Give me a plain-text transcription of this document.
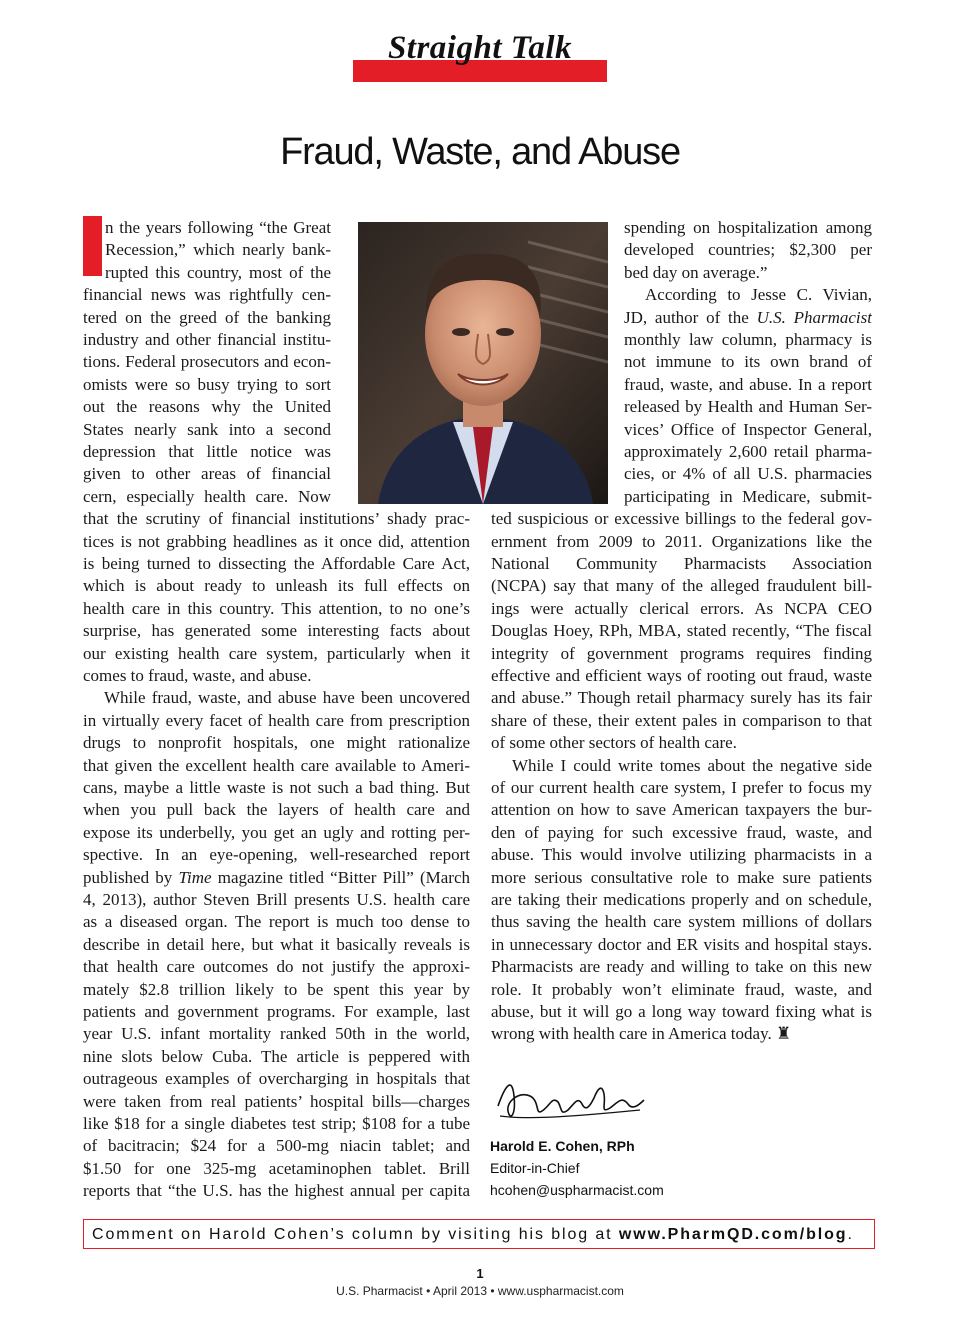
Straight Talk
Fraud, Waste, and Abuse
Harold E. Cohen, RPh
Editor-in-Chief
hcohen@uspharmacist.com
Comment on Harold Cohen’s column by visiting his blog at www.PharmQD.com/blog.
1
U.S. Pharmacist • April 2013 • www.uspharmacist.com
n the years following “the Great
Recession,” which nearly bank-
rupted this country, most of the
financial news was rightfully cen-
tered on the greed of the banking
industry and other financial institu-
tions. Federal prosecutors and econ-
omists were so busy trying to sort
out the reasons why the United
States nearly sank into a second
depression that little notice was
given to other areas of financial
cern, especially health care. Now
that the scrutiny of financial institutions’ shady prac-
tices is not grabbing headlines as it once did, attention
is being turned to dissecting the Affordable Care Act,
which is about ready to unleash its full effects on
health care in this country. This attention, to no one’s
surprise, has generated some interesting facts about
our existing health care system, particularly when it
comes to fraud, waste, and abuse.
While fraud, waste, and abuse have been uncovered
in virtually every facet of health care from prescription
drugs to nonprofit hospitals, one might rationalize
that given the excellent health care available to Ameri-
cans, maybe a little waste is not such a bad thing. But
when you pull back the layers of health care and
expose its underbelly, you get an ugly and rotting per-
spective. In an eye-opening, well-researched report
published by Time magazine titled “Bitter Pill” (March
4, 2013), author Steven Brill presents U.S. health care
as a diseased organ. The report is much too dense to
describe in detail here, but what it basically reveals is
that health care outcomes do not justify the approxi-
mately $2.8 trillion likely to be spent this year by
patients and government programs. For example, last
year U.S. infant mortality ranked 50th in the world,
nine slots below Cuba. The article is peppered with
outrageous examples of overcharging in hospitals that
were taken from real patients’ hospital bills—charges
like $18 for a single diabetes test strip; $108 for a tube
of bacitracin; $24 for a 500-mg niacin tablet; and
$1.50 for one 325-mg acetaminophen tablet. Brill
reports that “the U.S. has the highest annual per capita
spending on hospitalization among
developed countries; $2,300 per
bed day on average.”
According to Jesse C. Vivian,
JD, author of the U.S. Pharmacist
monthly law column, pharmacy is
not immune to its own brand of
fraud, waste, and abuse. In a report
released by Health and Human Ser-
vices’ Office of Inspector General,
approximately 2,600 retail pharma-
cies, or 4% of all U.S. pharmacies
participating in Medicare, submit-
ted suspicious or excessive billings to the federal gov-
ernment from 2009 to 2011. Organizations like the
National Community Pharmacists Association
(NCPA) say that many of the alleged fraudulent bill-
ings were actually clerical errors. As NCPA CEO
Douglas Hoey, RPh, MBA, stated recently, “The fiscal
integrity of government programs requires finding
effective and efficient ways of rooting out fraud, waste
and abuse.” Though retail pharmacy surely has its fair
share of these, their extent pales in comparison to that
of some other sectors of health care.
While I could write tomes about the negative side
of our current health care system, I prefer to focus my
attention on how to save American taxpayers the bur-
den of paying for such excessive fraud, waste, and
abuse. This would involve utilizing pharmacists in a
more serious consultative role to make sure patients
are taking their medications properly and on schedule,
thus saving the health care system millions of dollars
in unnecessary doctor and ER visits and hospital stays.
Pharmacists are ready and willing to take on this new
role. It probably won’t eliminate fraud, waste, and
abuse, but it will go a long way toward fixing what is
wrong with health care in America today. ♜
